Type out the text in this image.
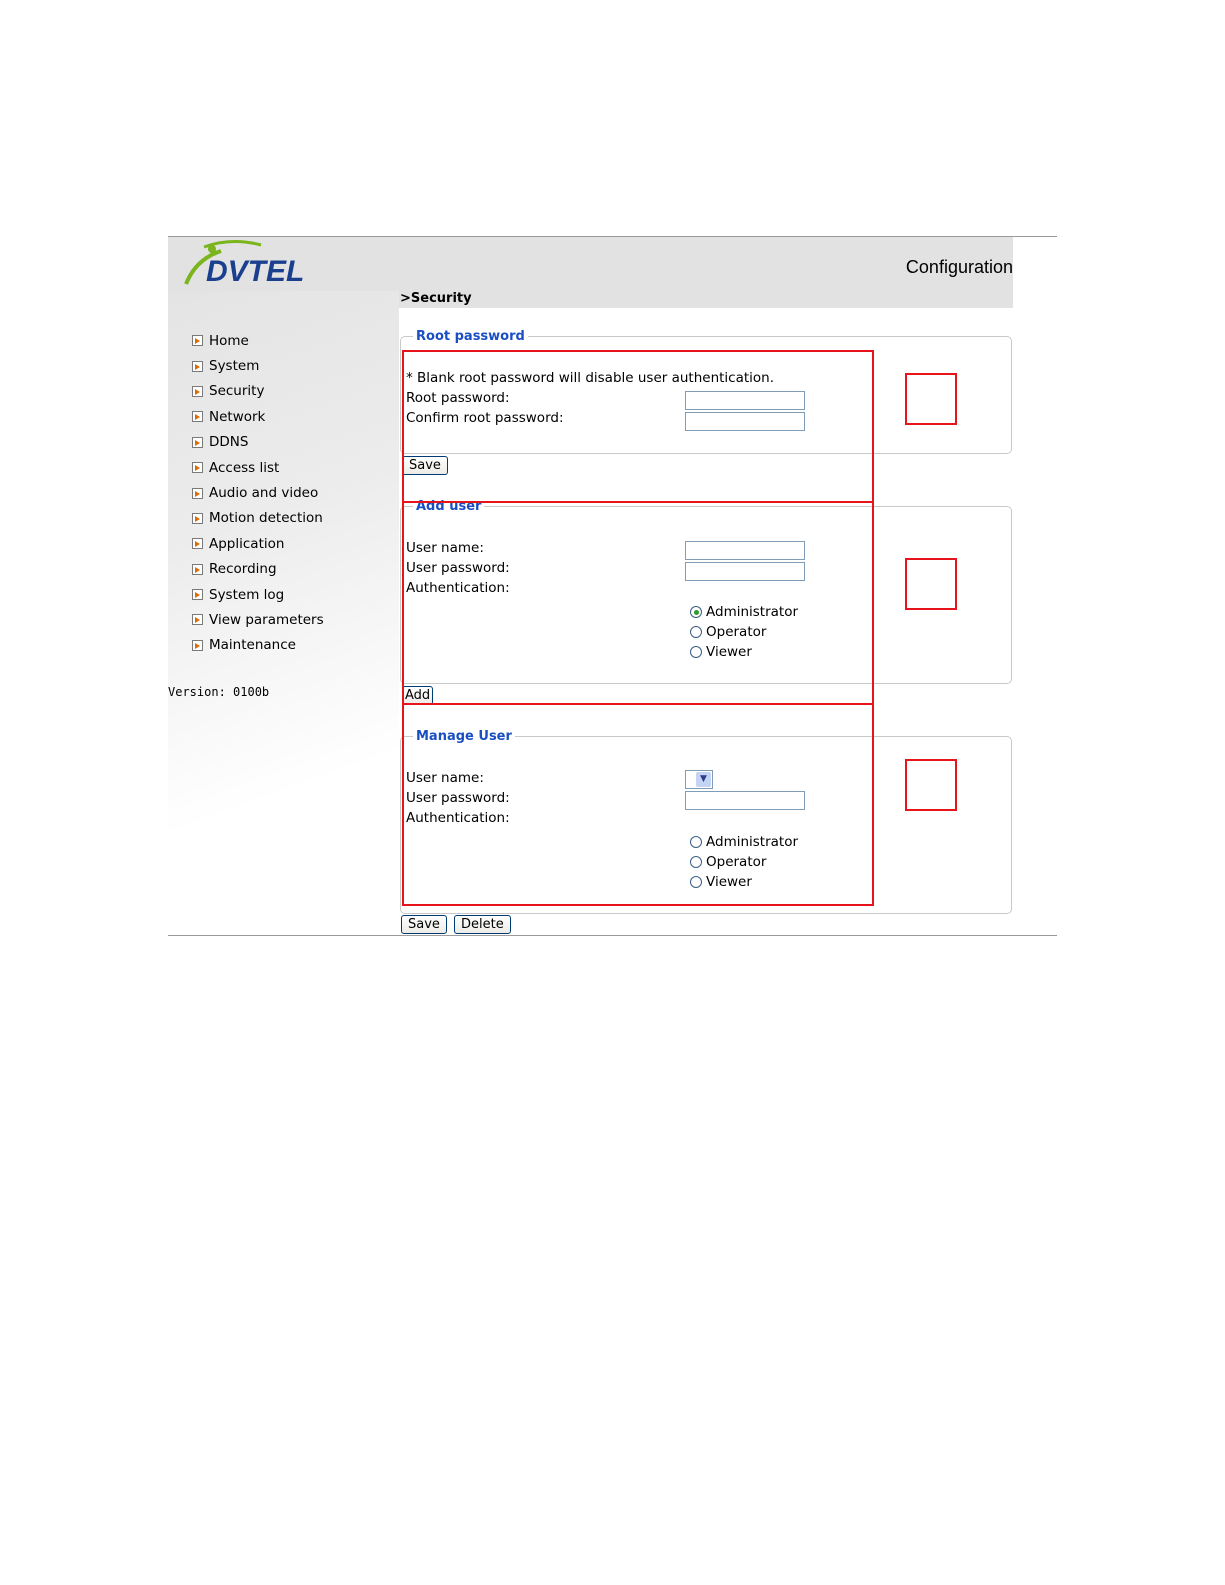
DVTEL	Configuration
>Security
Home
System
Security
Network
DDNS
Access list
Audio and video
Motion detection
Application
Recording
System log
View parameters
Maintenance
Version: 0100b
Root password
* Blank root password will disable user authentication.
Root password:
Confirm root password:
Save
Add user
User name:
User password:
Authentication:
Administrator
Operator
Viewer
Add
Manage User
User name:
User password:
Authentication:
▼
Administrator
Operator
Viewer
Save	Delete
